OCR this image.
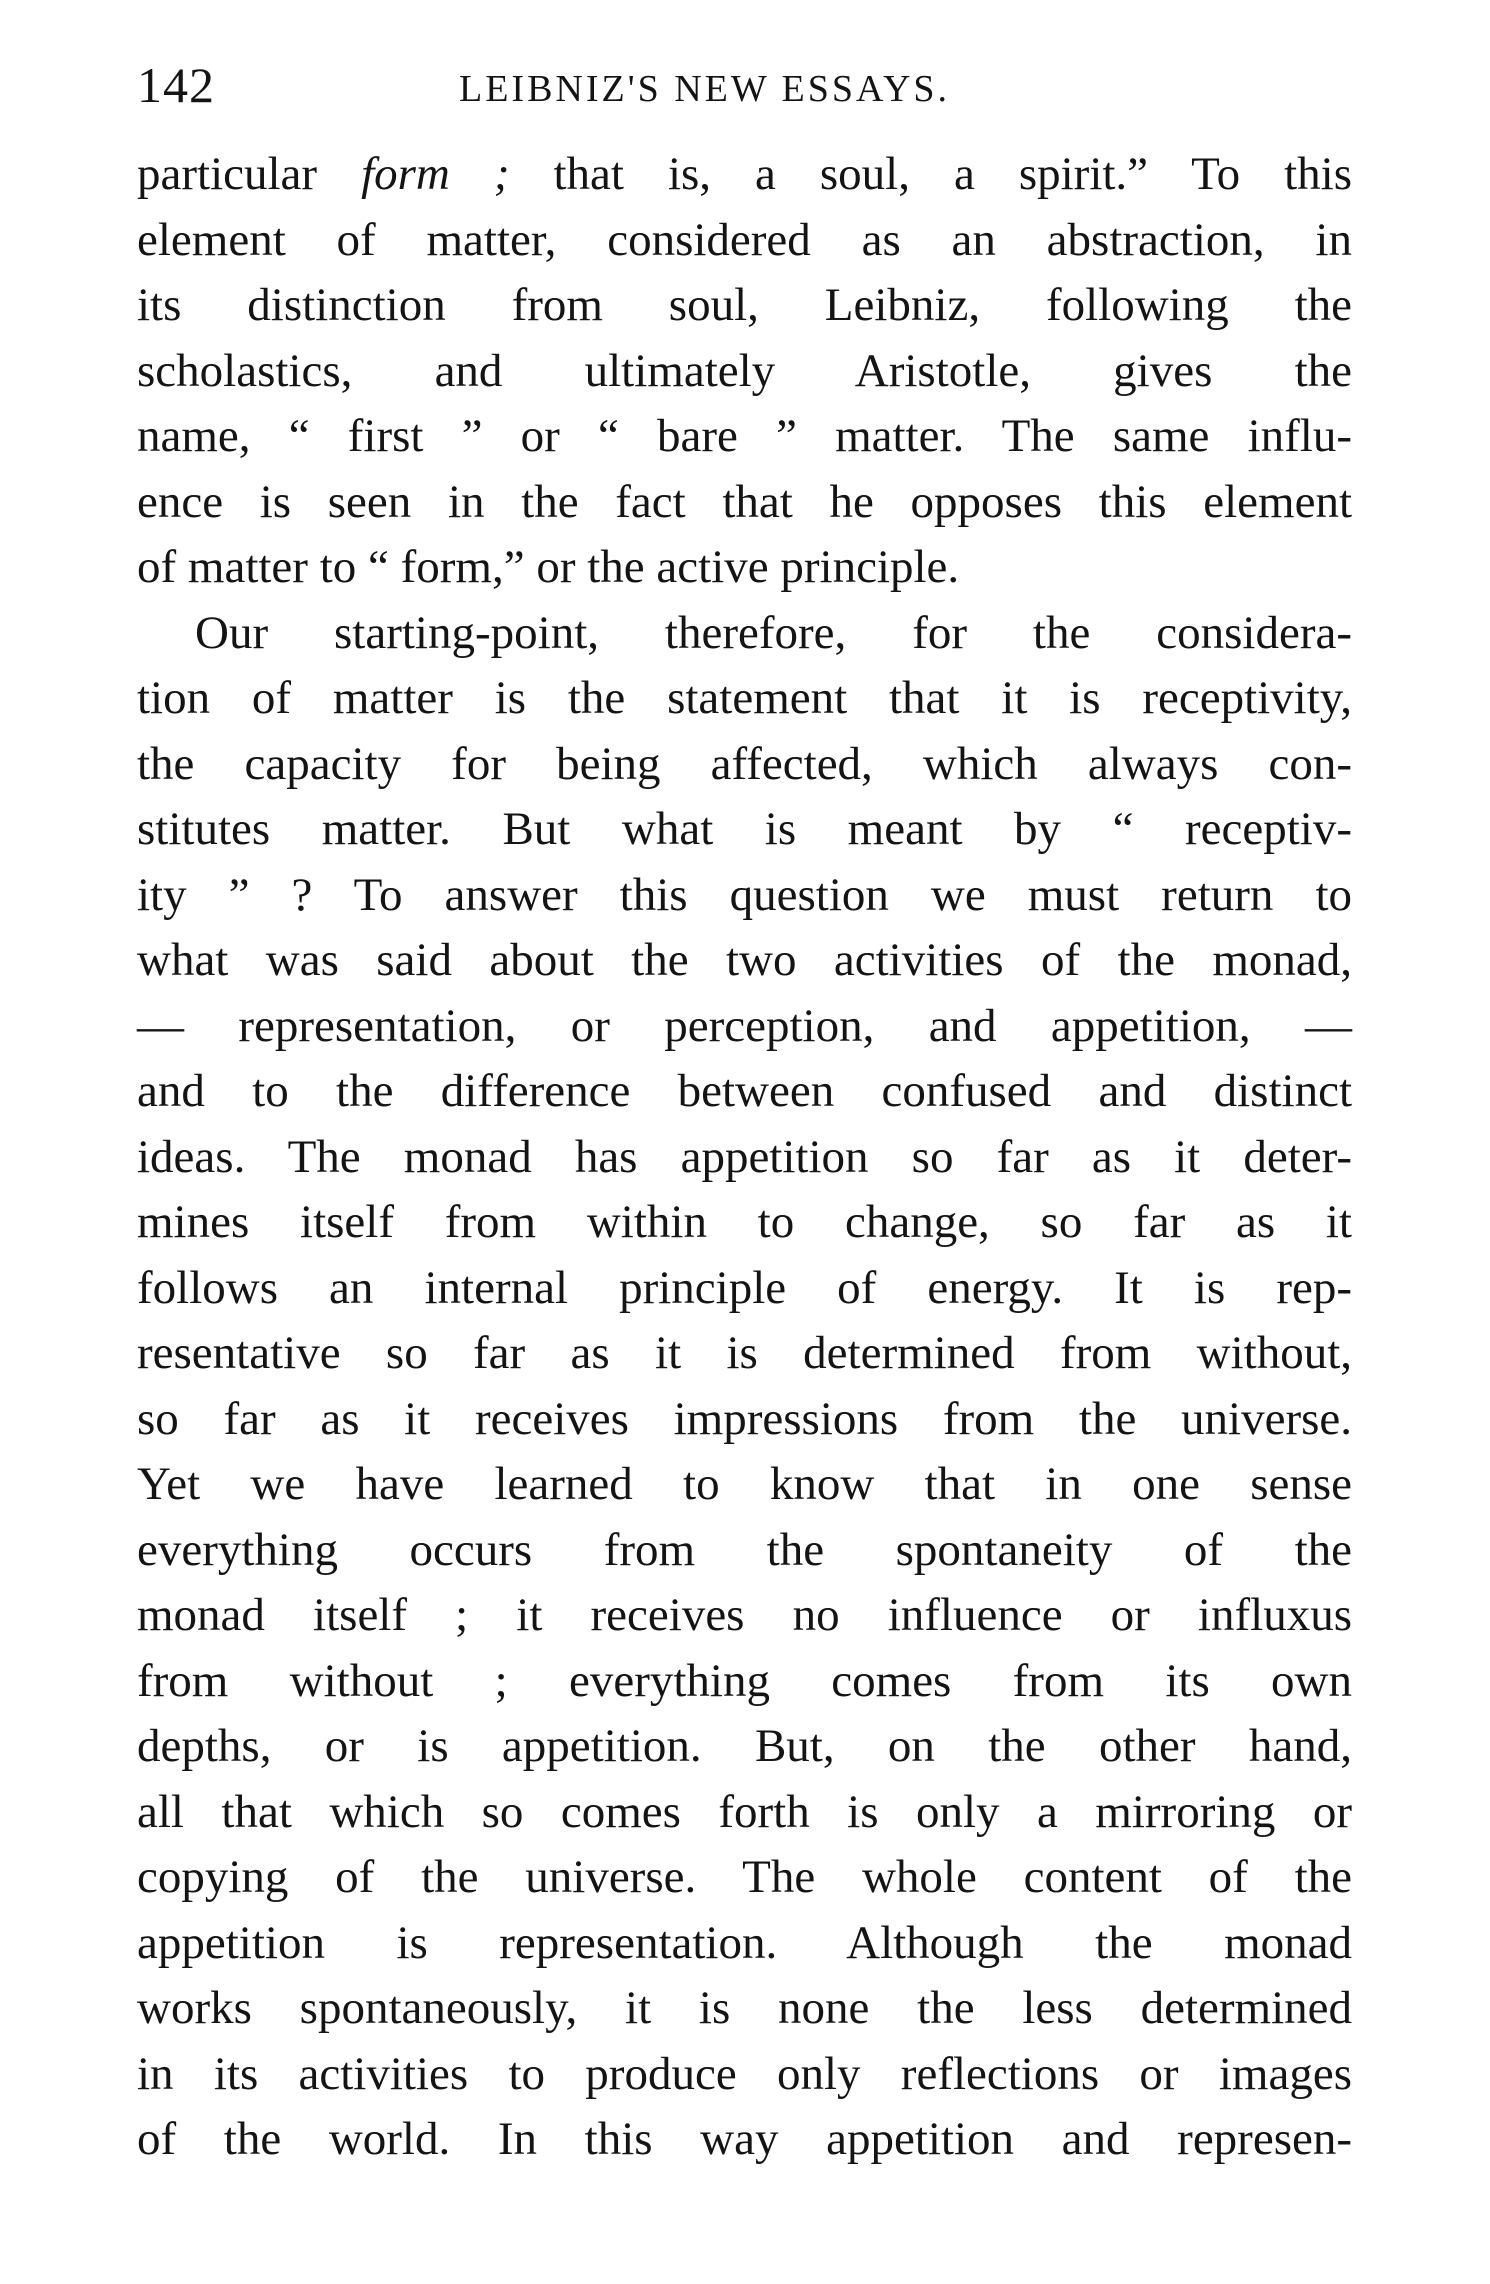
142	LEIBNIZ'S NEW ESSAYS.
particular form ; that is, a soul, a spirit.” To this
element of matter, considered as an abstraction, in
its distinction from soul, Leibniz, following the
scholastics, and ultimately Aristotle, gives the
name, “ first ” or “ bare ” matter. The same influ-
ence is seen in the fact that he opposes this element
of matter to “ form,” or the active principle.
Our starting-point, therefore, for the considera-
tion of matter is the statement that it is receptivity,
the capacity for being affected, which always con-
stitutes matter. But what is meant by “ receptiv-
ity ” ? To answer this question we must return to
what was said about the two activities of the monad,
— representation, or perception, and appetition, —
and to the difference between confused and distinct
ideas. The monad has appetition so far as it deter-
mines itself from within to change, so far as it
follows an internal principle of energy. It is rep-
resentative so far as it is determined from without,
so far as it receives impressions from the universe.
Yet we have learned to know that in one sense
everything occurs from the spontaneity of the
monad itself ; it receives no influence or influxus
from without ; everything comes from its own
depths, or is appetition. But, on the other hand,
all that which so comes forth is only a mirroring or
copying of the universe. The whole content of the
appetition is representation. Although the monad
works spontaneously, it is none the less determined
in its activities to produce only reflections or images
of the world. In this way appetition and represen-
